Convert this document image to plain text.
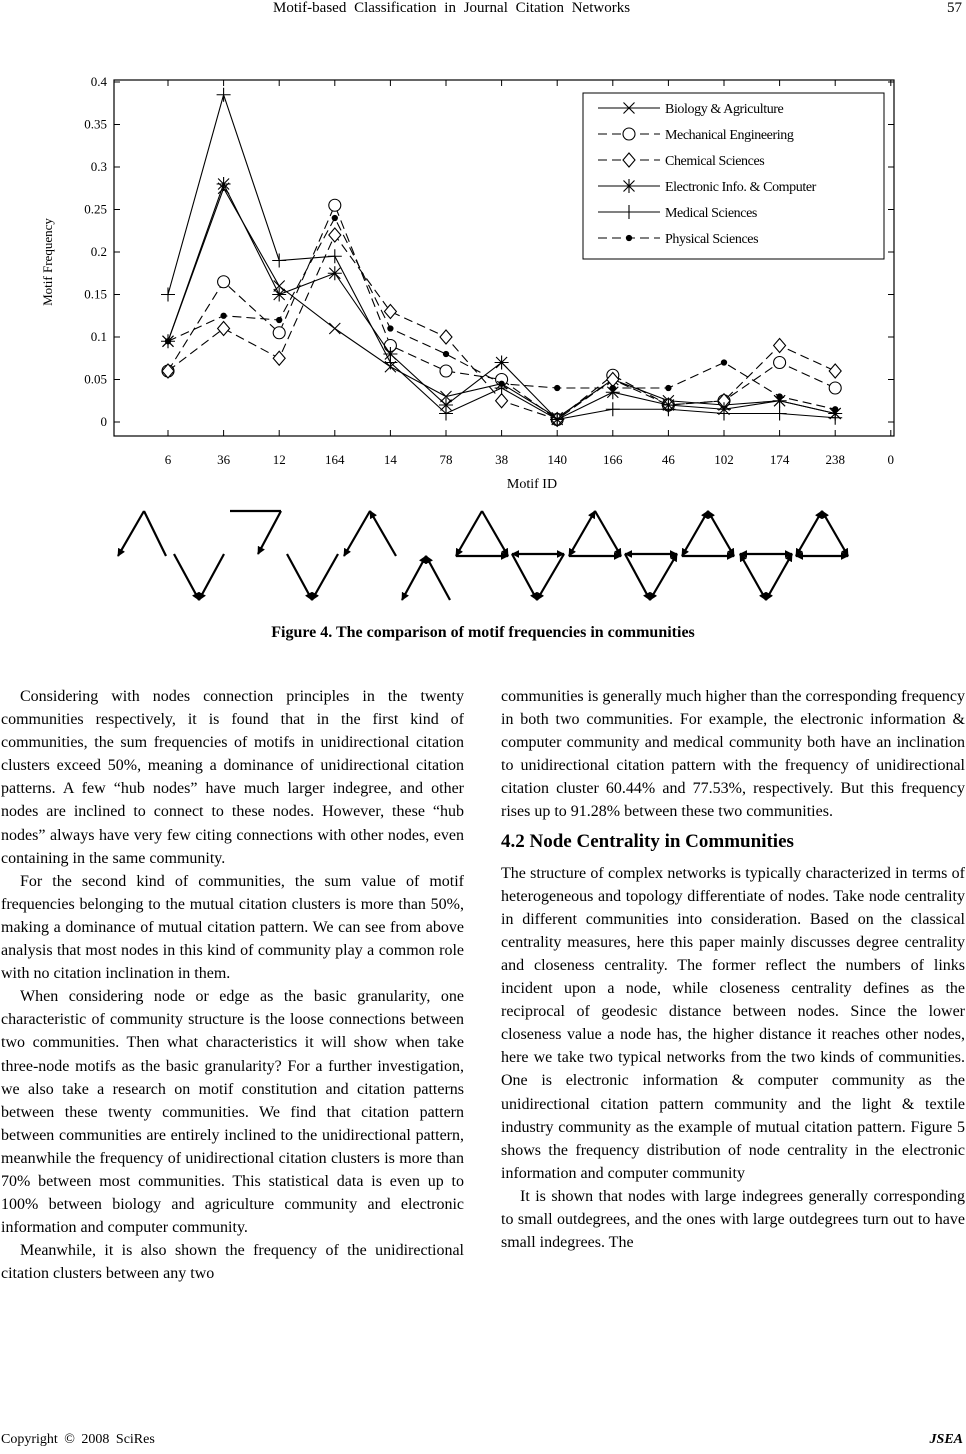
Motif-based Classification in Journal Citation Networks	57
0
0.05
0.1
0.15
0.2
0.25
0.3
0.35
0.4
6	36	12	164	14	78	38	140	166	46	102	174	238	0
Motif Frequency
Motif ID
Biology & Agriculture
Mechanical Engineering
Chemical Sciences
Electronic Info. & Computer
Medical Sciences
Physical Sciences
Figure 4. The comparison of motif frequencies in communities

Considering with nodes connection principles in the twenty communities respectively, it is found that in the first kind of communities, the sum frequencies of motifs in unidirectional citation clusters exceed 50%, meaning a dominance of unidirectional citation patterns. A few “hub nodes” have much larger indegree, and other nodes are inclined to connect to these nodes. However, these “hub nodes” always have very few citing connections with other nodes, even containing in the same community.

For the second kind of communities, the sum value of motif frequencies belonging to the mutual citation clusters is more than 50%, making a dominance of mutual citation pattern. We can see from above analysis that most nodes in this kind of community play a common role with no citation inclination in them.

When considering node or edge as the basic granularity, one characteristic of community structure is the loose connections between two communities. Then what characteristics it will show when take three-node motifs as the basic granularity? For a further investigation, we also take a research on motif constitution and citation patterns between these twenty communities. We find that citation pattern between communities are entirely inclined to the unidirectional pattern, meanwhile the frequency of unidirectional citation clusters is more than 70% between most communities. This statistical data is even up to 100% between biology and agriculture community and electronic information and computer community.

Meanwhile, it is also shown the frequency of the unidirectional citation clusters between any two

communities is generally much higher than the corresponding frequency in both two communities. For example, the electronic information & computer community and medical community both have an inclination to unidirectional citation pattern with the frequency of unidirectional citation cluster 60.44% and 77.53%, respectively. But this frequency rises up to 91.28% between these two communities.

4.2 Node Centrality in Communities

The structure of complex networks is typically characterized in terms of heterogeneous and topology differentiate of nodes. Take node centrality in different communities into consideration. Based on the classical centrality measures, here this paper mainly discusses degree centrality and closeness centrality. The former reflect the numbers of links incident upon a node, while closeness centrality defines as the reciprocal of geodesic distance between nodes. Since the lower closeness value a node has, the higher distance it reaches other nodes, here we take two typical networks from the two kinds of communities. One is electronic information & computer community as the unidirectional citation pattern community and the light & textile industry community as the example of mutual citation pattern. Figure 5 shows the frequency distribution of node centrality in the electronic information and computer community

It is shown that nodes with large indegrees generally corresponding to small outdegrees, and the ones with large outdegrees turn out to have small indegrees. The

Copyright © 2008 SciRes	JSEA
